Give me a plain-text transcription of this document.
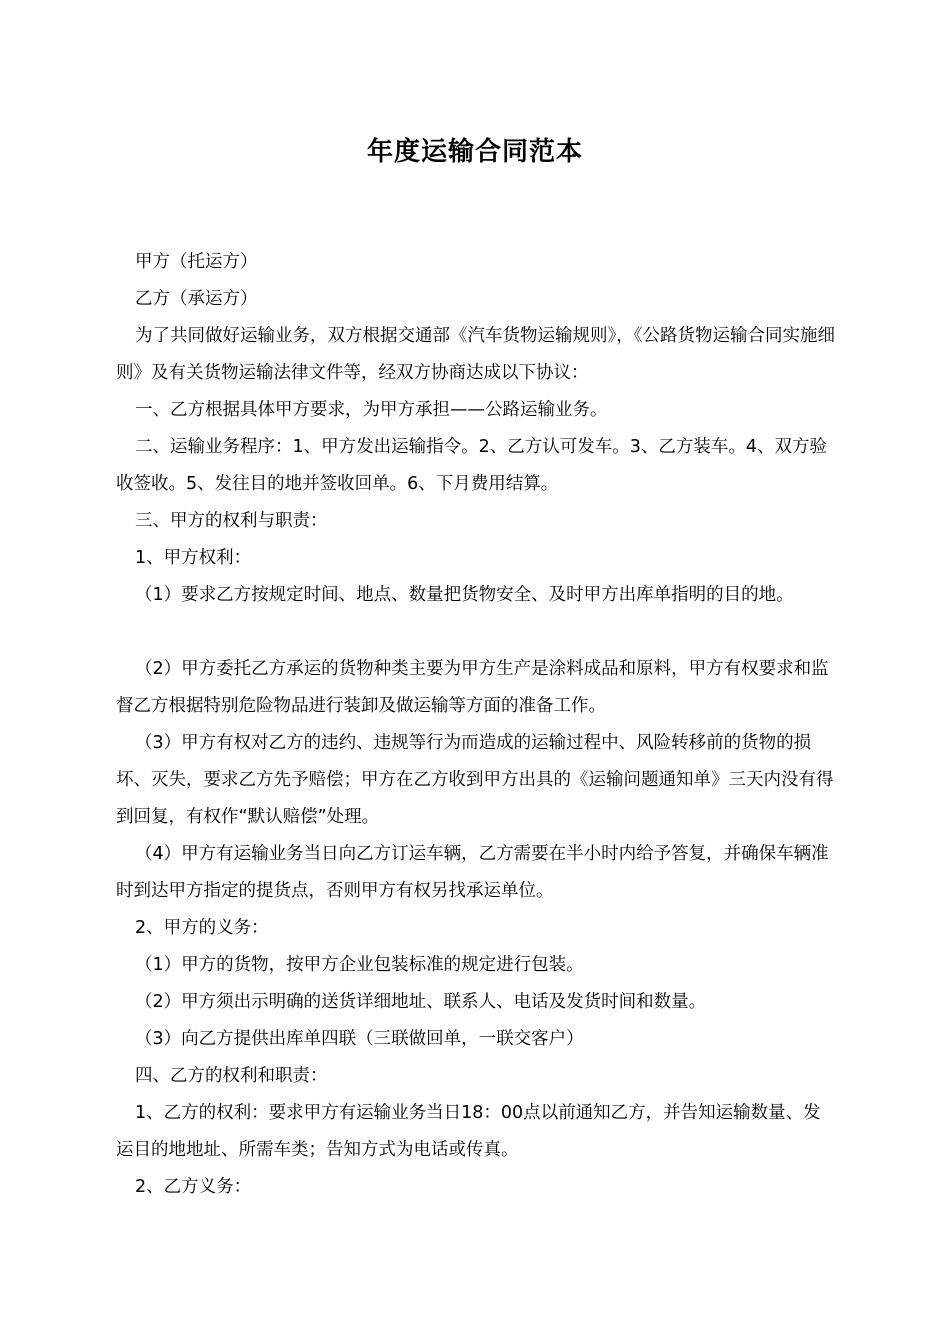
年度运输合同范本

甲方（托运方）

乙方（承运方）

为了共同做好运输业务，双方根据交通部《汽车货物运输规则》，《公路货物运输合同实施细则》及有关货物运输法律文件等，经双方协商达成以下协议：

一、乙方根据具体甲方要求，为甲方承担——公路运输业务。

二、运输业务程序：1、甲方发出运输指令。2、乙方认可发车。3、乙方装车。4、双方验收签收。5、发往目的地并签收回单。6、下月费用结算。

三、甲方的权利与职责：

1、甲方权利：

（1）要求乙方按规定时间、地点、数量把货物安全、及时甲方出库单指明的目的地。

（2）甲方委托乙方承运的货物种类主要为甲方生产是涂料成品和原料，甲方有权要求和监督乙方根据特别危险物品进行装卸及做运输等方面的准备工作。

（3）甲方有权对乙方的违约、违规等行为而造成的运输过程中、风险转移前的货物的损坏、灭失，要求乙方先予赔偿；甲方在乙方收到甲方出具的《运输问题通知单》三天内没有得到回复，有权作“默认赔偿”处理。

（4）甲方有运输业务当日向乙方订运车辆，乙方需要在半小时内给予答复，并确保车辆准时到达甲方指定的提货点，否则甲方有权另找承运单位。

2、甲方的义务：

（1）甲方的货物，按甲方企业包装标准的规定进行包装。

（2）甲方须出示明确的送货详细地址、联系人、电话及发货时间和数量。

（3）向乙方提供出库单四联（三联做回单，一联交客户）

四、乙方的权利和职责：

1、乙方的权利：要求甲方有运输业务当日18：00点以前通知乙方，并告知运输数量、发运目的地地址、所需车类；告知方式为电话或传真。

2、乙方义务：
